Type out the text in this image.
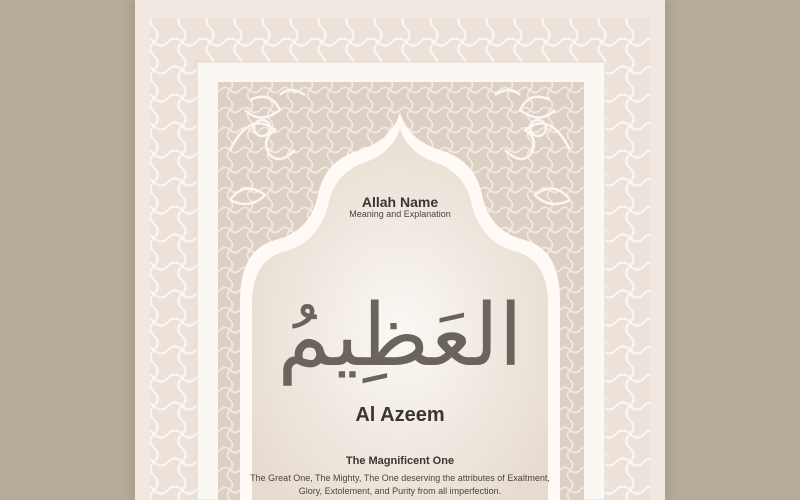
العَظِيمُ
Allah Name
Meaning and Explanation
Al Azeem
The Magnificent One
The Great One, The Mighty, The One deserving the attributes of Exaltment, Glory, Extolement, and Purity from all imperfection.
